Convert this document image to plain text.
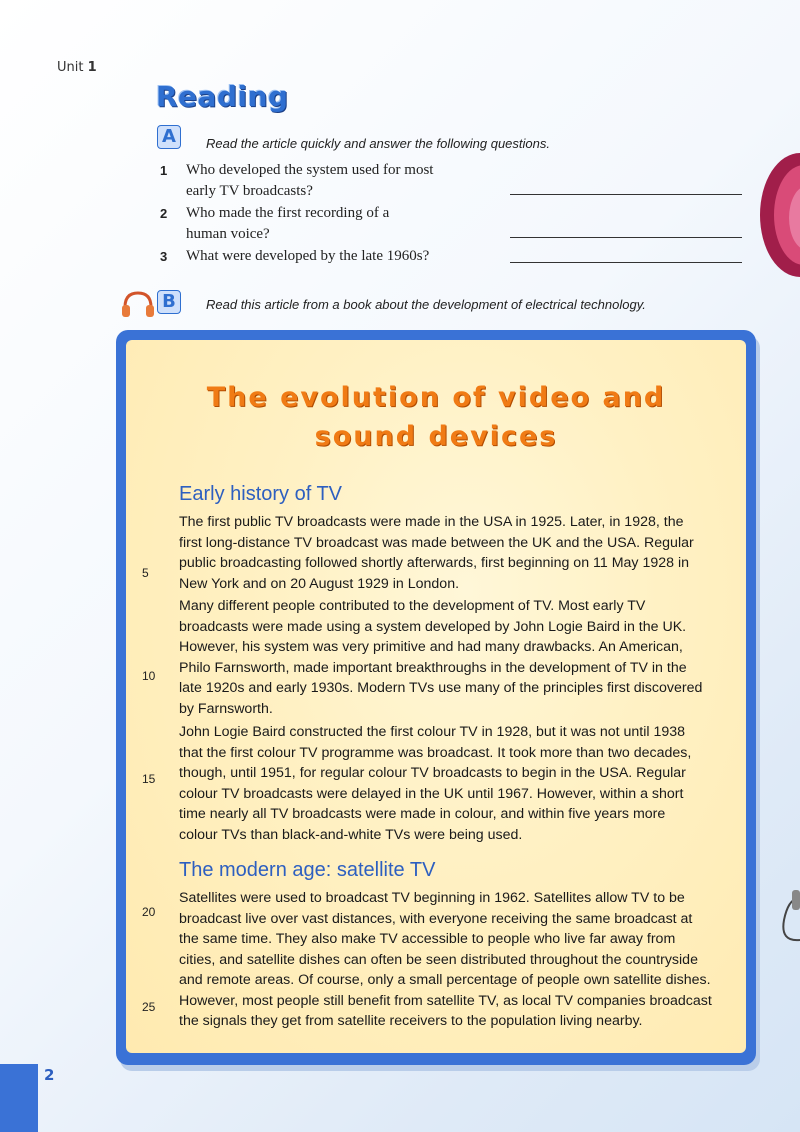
Unit 1
Reading
A	Read the article quickly and answer the following questions.
1 Who developed the system used for most
early TV broadcasts?
2 Who made the first recording of a
human voice?
3 What were developed by the late 1960s?
B	Read this article from a book about the development of electrical technology.
The evolution of video and
sound devices
Early history of TV

The first public TV broadcasts were made in the USA in 1925. Later, in 1928, the

first long-distance TV broadcast was made between the UK and the USA. Regular

public broadcasting followed shortly afterwards, first beginning on 11 May 1928 in

New York and on 20 August 1929 in London.

Many different people contributed to the development of TV. Most early TV

broadcasts were made using a system developed by John Logie Baird in the UK.

However, his system was very primitive and had many drawbacks. An American,

Philo Farnsworth, made important breakthroughs in the development of TV in the

late 1920s and early 1930s. Modern TVs use many of the principles first discovered

by Farnsworth.

John Logie Baird constructed the first colour TV in 1928, but it was not until 1938

that the first colour TV programme was broadcast. It took more than two decades,

though, until 1951, for regular colour TV broadcasts to begin in the USA. Regular

colour TV broadcasts were delayed in the UK until 1967. However, within a short

time nearly all TV broadcasts were made in colour, and within five years more

colour TVs than black-and-white TVs were being used.

The modern age: satellite TV

Satellites were used to broadcast TV beginning in 1962. Satellites allow TV to be

broadcast live over vast distances, with everyone receiving the same broadcast at

the same time. They also make TV accessible to people who live far away from

cities, and satellite dishes can often be seen distributed throughout the countryside

and remote areas. Of course, only a small percentage of people own satellite dishes.

However, most people still benefit from satellite TV, as local TV companies broadcast

the signals they get from satellite receivers to the population living nearby.

5
10
15
20
25
2
